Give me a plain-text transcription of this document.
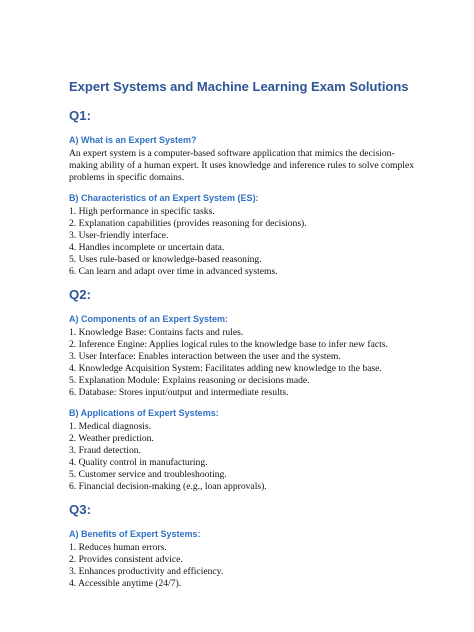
Expert Systems and Machine Learning Exam Solutions
Q1:
A) What is an Expert System?

An expert system is a computer-based software application that mimics the decision-
making ability of a human expert. It uses knowledge and inference rules to solve complex
problems in specific domains.

B) Characteristics of an Expert System (ES):
1. High performance in specific tasks.
2. Explanation capabilities (provides reasoning for decisions).
3. User-friendly interface.
4. Handles incomplete or uncertain data.
5. Uses rule-based or knowledge-based reasoning.
6. Can learn and adapt over time in advanced systems.
Q2:
A) Components of an Expert System:
1. Knowledge Base: Contains facts and rules.
2. Inference Engine: Applies logical rules to the knowledge base to infer new facts.
3. User Interface: Enables interaction between the user and the system.
4. Knowledge Acquisition System: Facilitates adding new knowledge to the base.
5. Explanation Module: Explains reasoning or decisions made.
6. Database: Stores input/output and intermediate results.
B) Applications of Expert Systems:
1. Medical diagnosis.
2. Weather prediction.
3. Fraud detection.
4. Quality control in manufacturing.
5. Customer service and troubleshooting.
6. Financial decision-making (e.g., loan approvals).
Q3:
A) Benefits of Expert Systems:
1. Reduces human errors.
2. Provides consistent advice.
3. Enhances productivity and efficiency.
4. Accessible anytime (24/7).
